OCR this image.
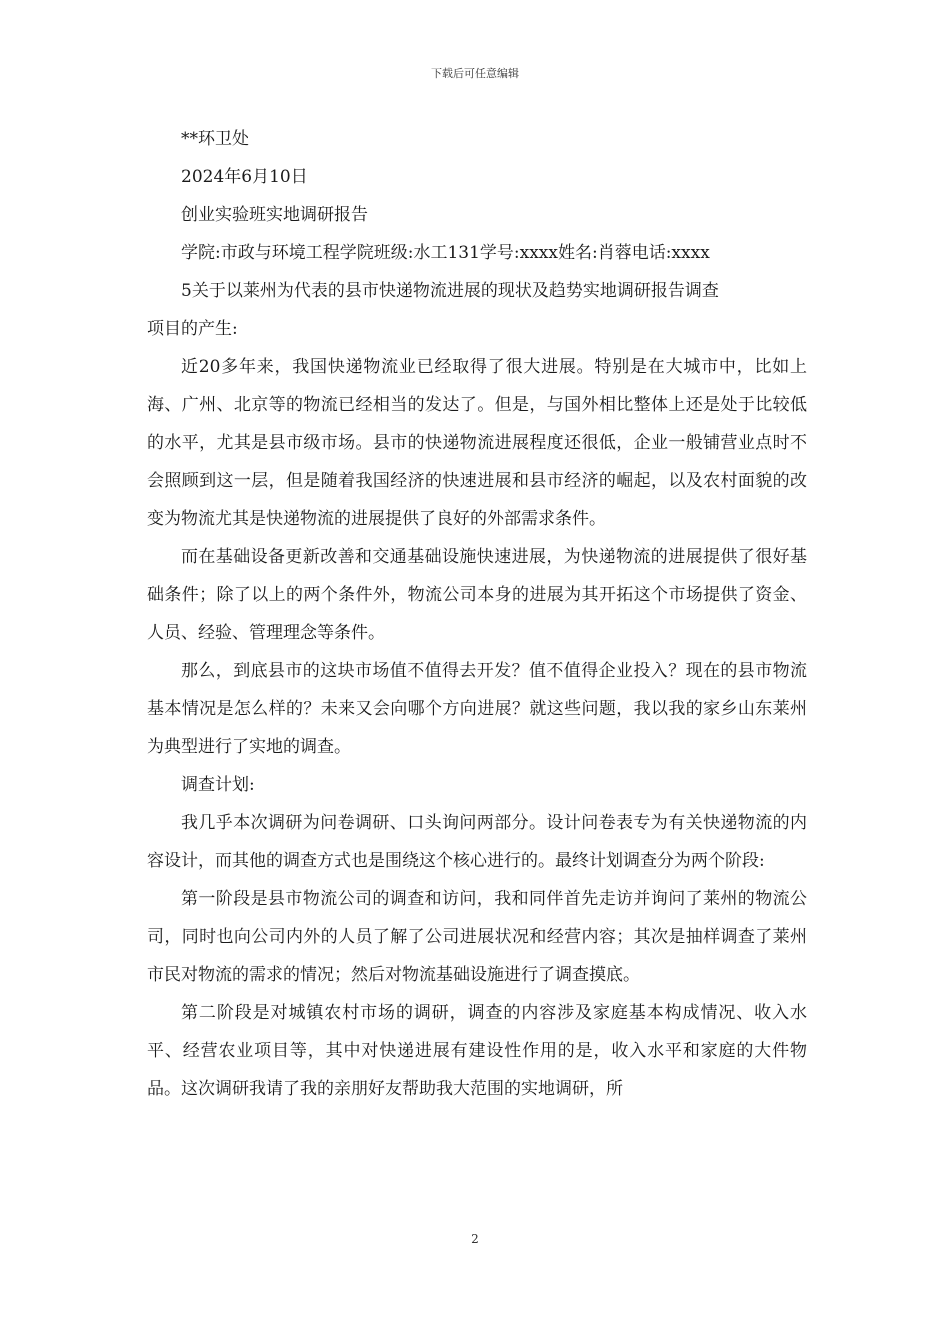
下载后可任意编辑
**环卫处
2024年6月10日
创业实验班实地调研报告
学院:市政与环境工程学院班级:水工131学号:xxxx姓名:肖蓉电话:xxxx
5关于以莱州为代表的县市快递物流进展的现状及趋势实地调研报告调查
项目的产生:

近20多年来，我国快递物流业已经取得了很大进展。特别是在大城市中，比如上海、广州、北京等的物流已经相当的发达了。但是，与国外相比整体上还是处于比较低的水平，尤其是县市级市场。县市的快递物流进展程度还很低，企业一般铺营业点时不会照顾到这一层，但是随着我国经济的快速进展和县市经济的崛起，以及农村面貌的改变为物流尤其是快递物流的进展提供了良好的外部需求条件。

而在基础设备更新改善和交通基础设施快速进展，为快递物流的进展提供了很好基础条件；除了以上的两个条件外，物流公司本身的进展为其开拓这个市场提供了资金、人员、经验、管理理念等条件。

那么，到底县市的这块市场值不值得去开发？值不值得企业投入？现在的县市物流基本情况是怎么样的？未来又会向哪个方向进展？就这些问题，我以我的家乡山东莱州为典型进行了实地的调查。

调查计划:

我几乎本次调研为问卷调研、口头询问两部分。设计问卷表专为有关快递物流的内容设计，而其他的调查方式也是围绕这个核心进行的。最终计划调查分为两个阶段:

第一阶段是县市物流公司的调查和访问，我和同伴首先走访并询问了莱州的物流公司，同时也向公司内外的人员了解了公司进展状况和经营内容；其次是抽样调查了莱州市民对物流的需求的情况；然后对物流基础设施进行了调查摸底。

第二阶段是对城镇农村市场的调研，调查的内容涉及家庭基本构成情况、收入水平、经营农业项目等，其中对快递进展有建设性作用的是，收入水平和家庭的大件物品。这次调研我请了我的亲朋好友帮助我大范围的实地调研，所

2
